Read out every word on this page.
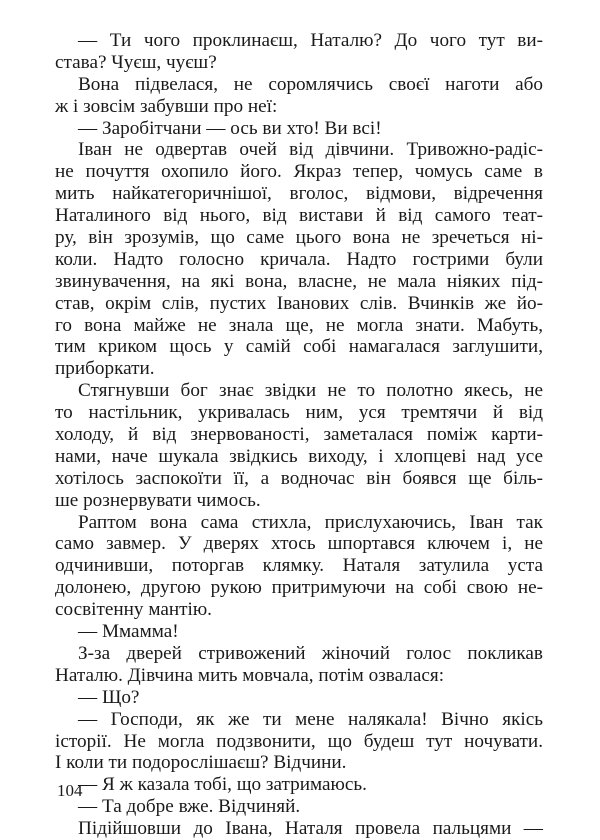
— Ти чого проклинаєш, Наталю? До чого тут ви-
става? Чуєш, чуєш?
Вона підвелася, не соромлячись своєї наготи або
ж і зовсім забувши про неї:
— Заробітчани — ось ви хто! Ви всі!
Іван не одвертав очей від дівчини. Тривожно-радіс-
не почуття охопило його. Якраз тепер, чомусь саме в
мить найкатегоричнішої, вголос, відмови, відречення
Наталиного від нього, від вистави й від самого теат-
ру, він зрозумів, що саме цього вона не зречеться ні-
коли. Надто голосно кричала. Надто гострими були
звинувачення, на які вона, власне, не мала ніяких під-
став, окрім слів, пустих Іванових слів. Вчинків же йо-
го вона майже не знала ще, не могла знати. Мабуть,
тим криком щось у самій собі намагалася заглушити,
приборкати.
Стягнувши бог знає звідки не то полотно якесь, не
то настільник, укривалась ним, уся тремтячи й від
холоду, й від знервованості, заметалася поміж карти-
нами, наче шукала звідкись виходу, і хлопцеві над усе
хотілось заспокоїти її, а водночас він боявся ще біль-
ше рознервувати чимось.
Раптом вона сама стихла, прислухаючись, Іван так
само завмер. У дверях хтось шпортався ключем і, не
одчинивши, поторгав клямку. Наталя затулила уста
долонею, другою рукою притримуючи на собі свою не-
сосвітенну мантію.
— Ммамма!
З-за дверей стривожений жіночий голос покликав
Наталю. Дівчина мить мовчала, потім озвалася:
— Що?
— Господи, як же ти мене налякала! Вічно якісь
історії. Не могла подзвонити, що будеш тут ночувати.
І коли ти подорослішаєш? Відчини.
— Я ж казала тобі, що затримаюсь.
— Та добре вже. Відчиняй.
Підійшовши до Івана, Наталя провела пальцями —
104
